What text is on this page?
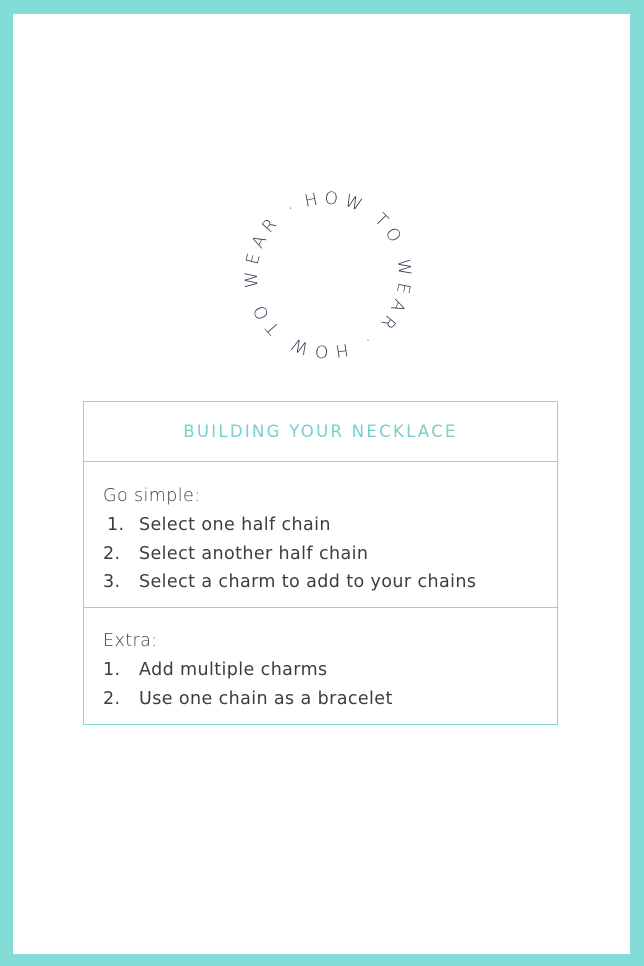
HOW TO WEAR · HOW TO WEAR ·
BUILDING YOUR NECKLACE

Go simple:

1. Select one half chain
2.	Select another half chain
3.	Select a charm to add to your chains

Extra:

1.	Add multiple charms
2.	Use one chain as a bracelet
